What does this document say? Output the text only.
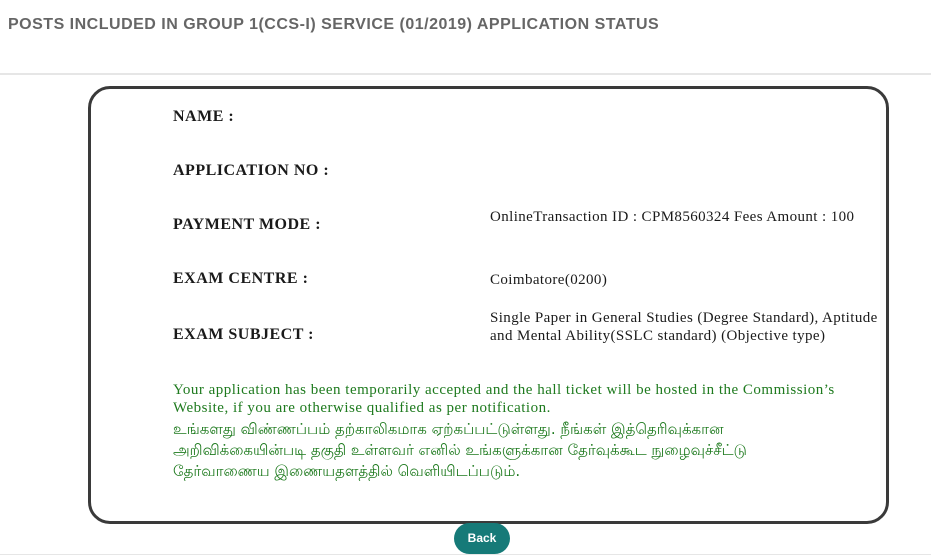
POSTS INCLUDED IN GROUP 1(CCS-I) SERVICE (01/2019) APPLICATION STATUS
NAME :
APPLICATION NO :
PAYMENT MODE :	OnlineTransaction ID : CPM8560324 Fees Amount : 100
EXAM CENTRE :	Coimbatore(0200)
EXAM SUBJECT :
Single Paper in General Studies (Degree Standard), Aptitude and Mental Ability(SSLC standard) (Objective type)
Your application has been temporarily accepted and the hall ticket will be hosted in the Commission’s Website, if you are otherwise qualified as per notification.
உங்களது விண்ணப்பம் தற்காலிகமாக ஏற்கப்பட்டுள்ளது. நீங்கள் இத்தெரிவுக்கான அறிவிக்கையின்படி தகுதி உள்ளவர் எனில் உங்களுக்கான தேர்வுக்கூட நுழைவுச்சீட்டு தேர்வாணைய இணையதளத்தில் வெளியிடப்படும்.
Back
